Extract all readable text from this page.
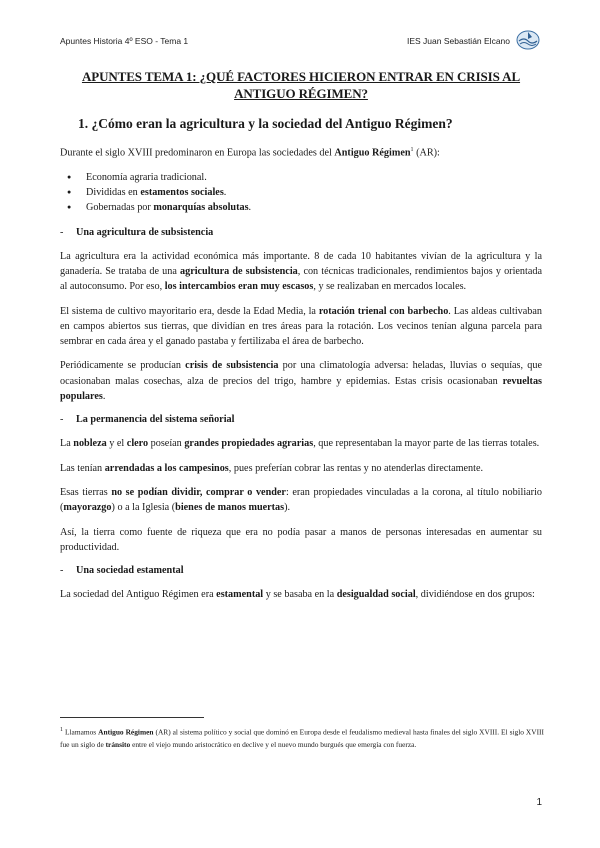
Apuntes Historia 4º ESO - Tema 1	IES Juan Sebastián Elcano
APUNTES TEMA 1: ¿QUÉ FACTORES HICIERON ENTRAR EN CRISIS AL ANTIGUO RÉGIMEN?
1. ¿Cómo eran la agricultura y la sociedad del Antiguo Régimen?

Durante el siglo XVIII predominaron en Europa las sociedades del Antiguo Régimen$^1$ (AR):

● Economía agraria tradicional.
● Divididas en estamentos sociales.
● Gobernadas por monarquías absolutas.
- Una agricultura de subsistencia

La agricultura era la actividad económica más importante. 8 de cada 10 habitantes vivían de la agricultura y la ganadería. Se trataba de una agricultura de subsistencia, con técnicas tradicionales, rendimientos bajos y orientada al autoconsumo. Por eso, los intercambios eran muy escasos, y se realizaban en mercados locales.

El sistema de cultivo mayoritario era, desde la Edad Media, la rotación trienal con barbecho. Las aldeas cultivaban en campos abiertos sus tierras, que dividían en tres áreas para la rotación. Los vecinos tenían alguna parcela para sembrar en cada área y el ganado pastaba y fertilizaba el área de barbecho.

Periódicamente se producían crisis de subsistencia por una climatología adversa: heladas, lluvias o sequías, que ocasionaban malas cosechas, alza de precios del trigo, hambre y epidemias. Estas crisis ocasionaban revueltas populares.

- La permanencia del sistema señorial

La nobleza y el clero poseían grandes propiedades agrarias, que representaban la mayor parte de las tierras totales.

Las tenían arrendadas a los campesinos, pues preferían cobrar las rentas y no atenderlas directamente.

Esas tierras no se podían dividir, comprar o vender: eran propiedades vinculadas a la corona, al título nobiliario (mayorazgo) o a la Iglesia (bienes de manos muertas).

Así, la tierra como fuente de riqueza que era no podía pasar a manos de personas interesadas en aumentar su productividad.

- Una sociedad estamental

La sociedad del Antiguo Régimen era estamental y se basaba en la desigualdad social, dividiéndose en dos grupos:

$^1$ Llamamos Antiguo Régimen (AR) al sistema político y social que dominó en Europa desde el feudalismo medieval hasta finales del siglo XVIII. El siglo XVIII fue un siglo de tránsito entre el viejo mundo aristocrático en declive y el nuevo mundo burgués que emergía con fuerza.
1
